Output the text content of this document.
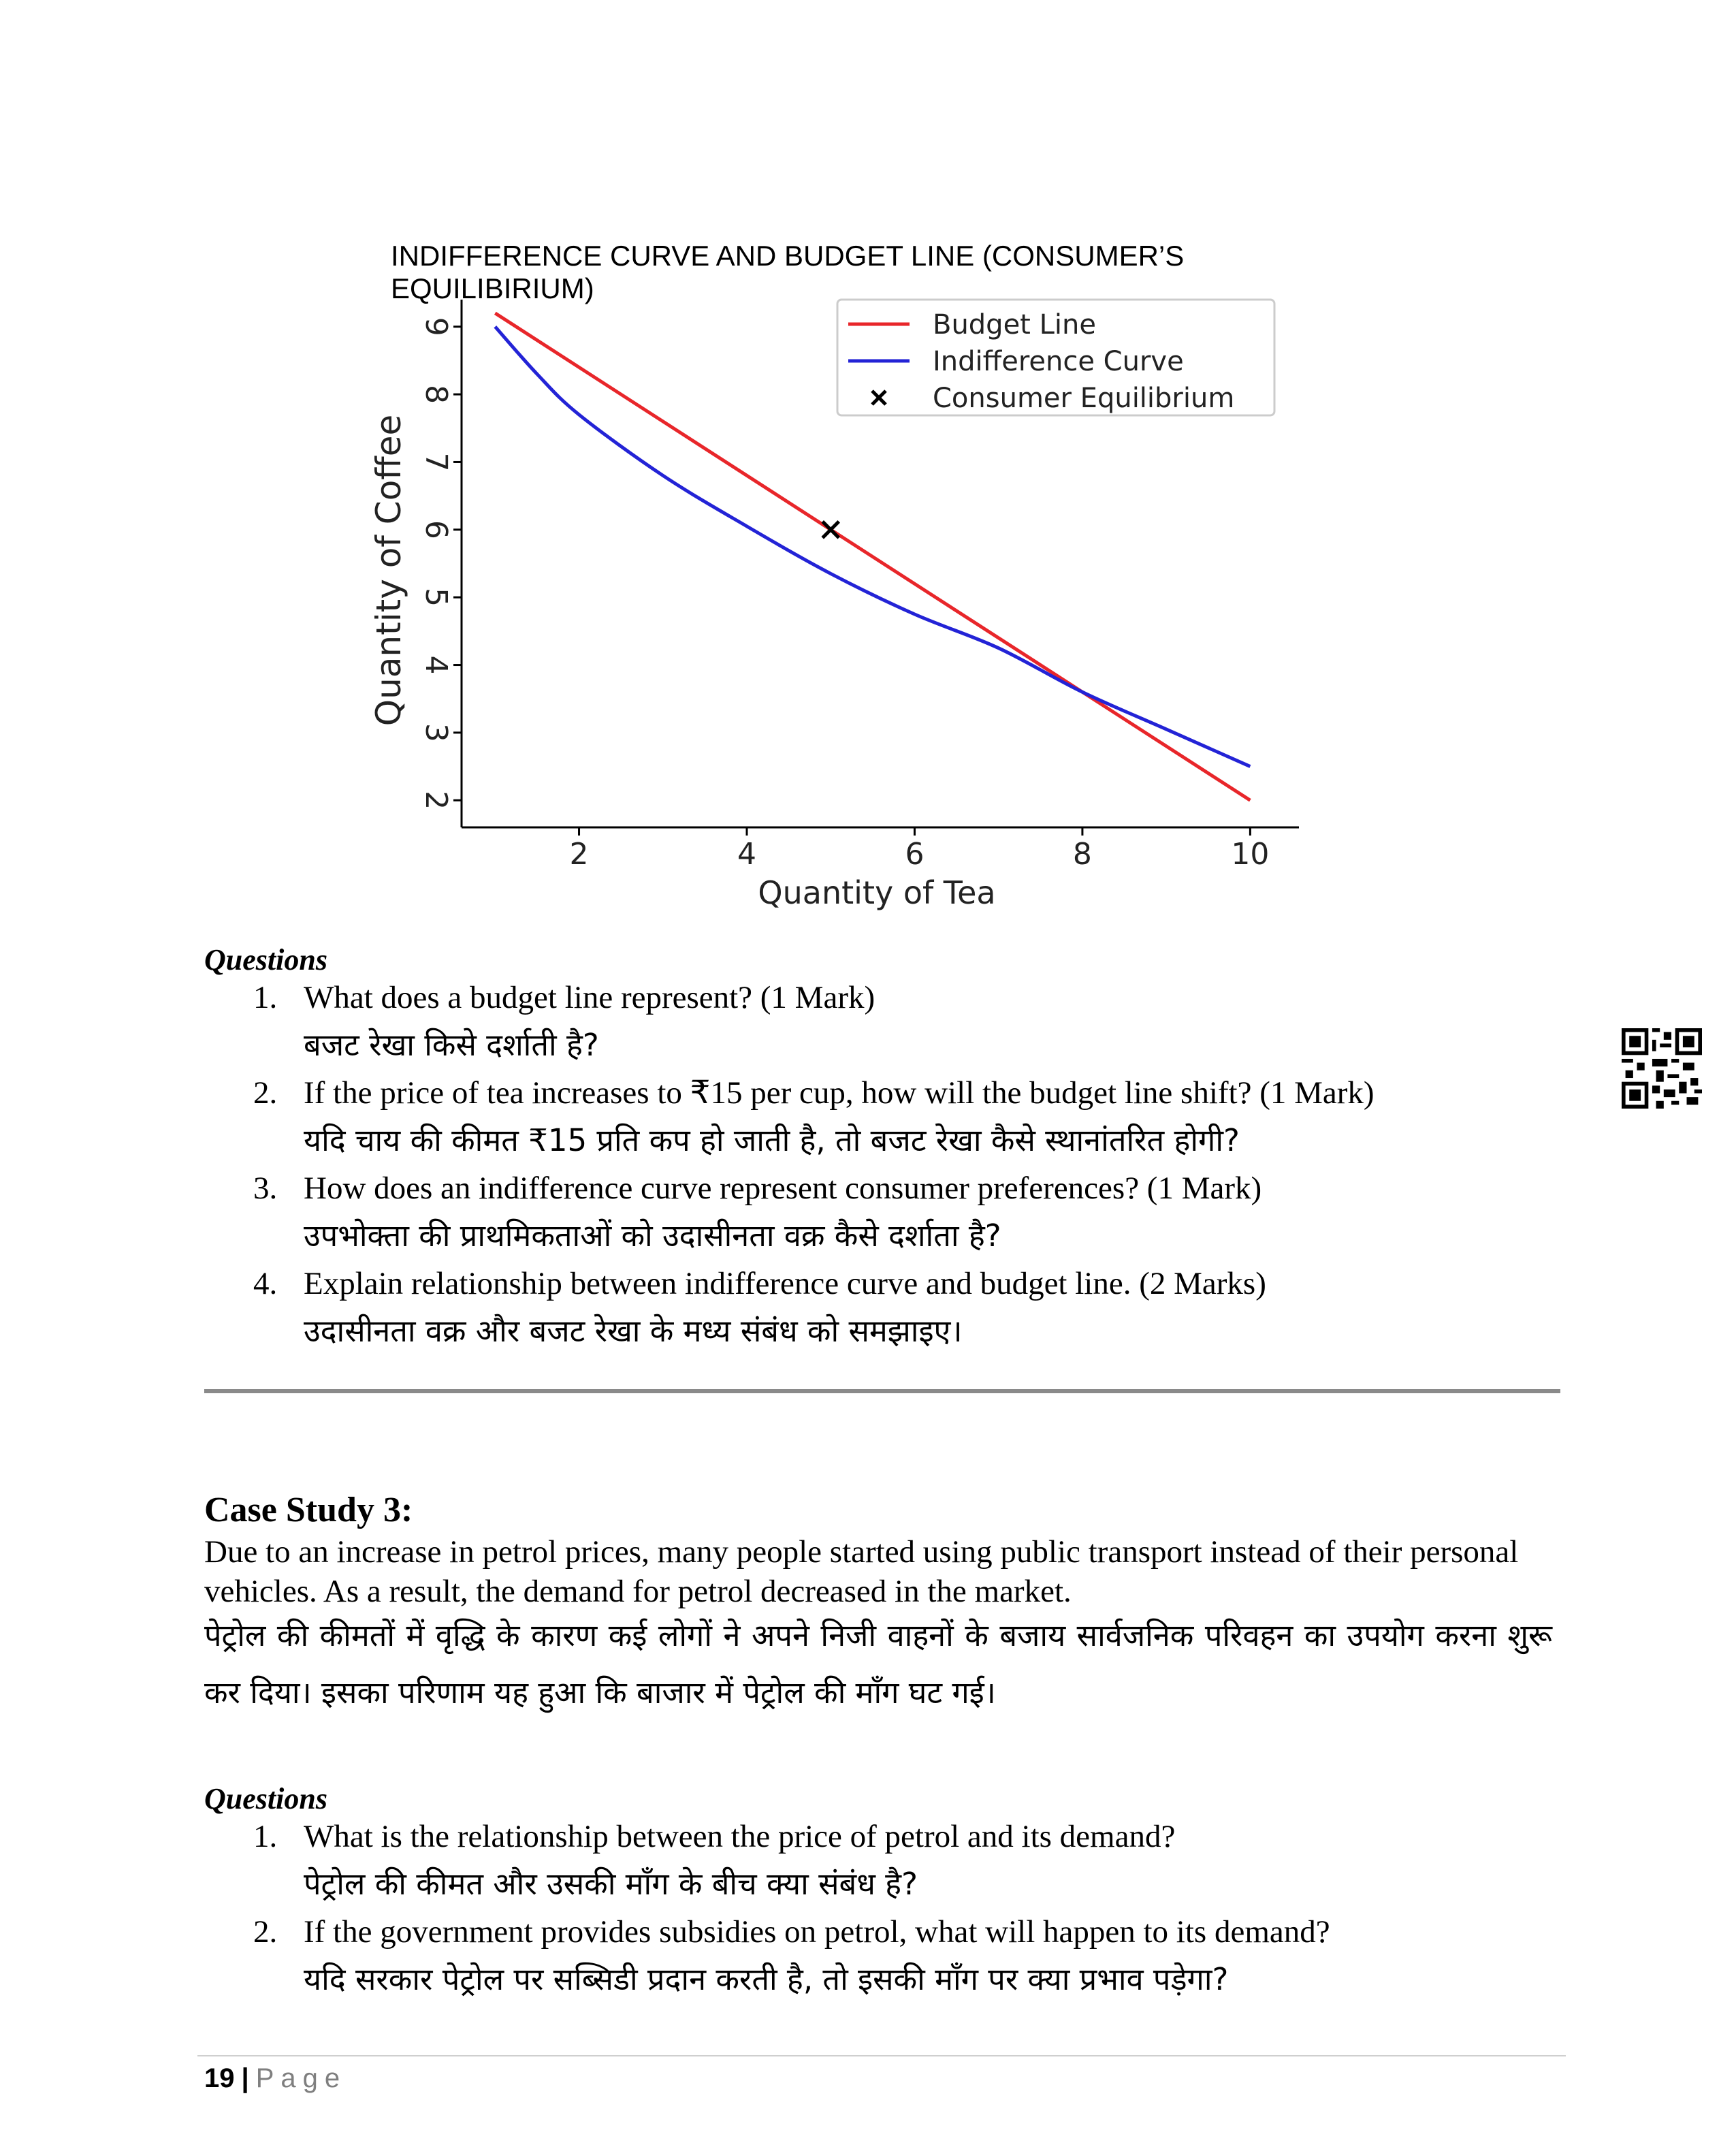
INDIFFERENCE CURVE AND BUDGET LINE (CONSUMER’S EQUILIBIRIUM)
2	4	6	8	10
2
3
4
5
6
7
8
9
Quantity of Tea
Quantity of Coffee
Budget Line
Indifference Curve
Consumer Equilibrium
Questions
1. What does a budget line represent? (1 Mark)
बजट रेखा किसे दर्शाती है?
2. If the price of tea increases to ₹15 per cup, how will the budget line shift? (1 Mark)
यदि चाय की कीमत ₹15 प्रति कप हो जाती है, तो बजट रेखा कैसे स्थानांतरित होगी?
3. How does an indifference curve represent consumer preferences? (1 Mark)
उपभोक्ता की प्राथमिकताओं को उदासीनता वक्र कैसे दर्शाता है?
4. Explain relationship between indifference curve and budget line. (2 Marks)
उदासीनता वक्र और बजट रेखा के मध्य संबंध को समझाइए।
Case Study 3:
Due to an increase in petrol prices, many people started using public transport instead of their personal vehicles. As a result, the demand for petrol decreased in the market.
पेट्रोल की कीमतों में वृद्धि के कारण कई लोगों ने अपने निजी वाहनों के बजाय सार्वजनिक परिवहन का उपयोग करना शुरू कर दिया। इसका परिणाम यह हुआ कि बाजार में पेट्रोल की माँग घट गई।
Questions
1. What is the relationship between the price of petrol and its demand?
पेट्रोल की कीमत और उसकी माँग के बीच क्या संबंध है?
2. If the government provides subsidies on petrol, what will happen to its demand?
यदि सरकार पेट्रोल पर सब्सिडी प्रदान करती है, तो इसकी माँग पर क्या प्रभाव पड़ेगा?
19 | Page
